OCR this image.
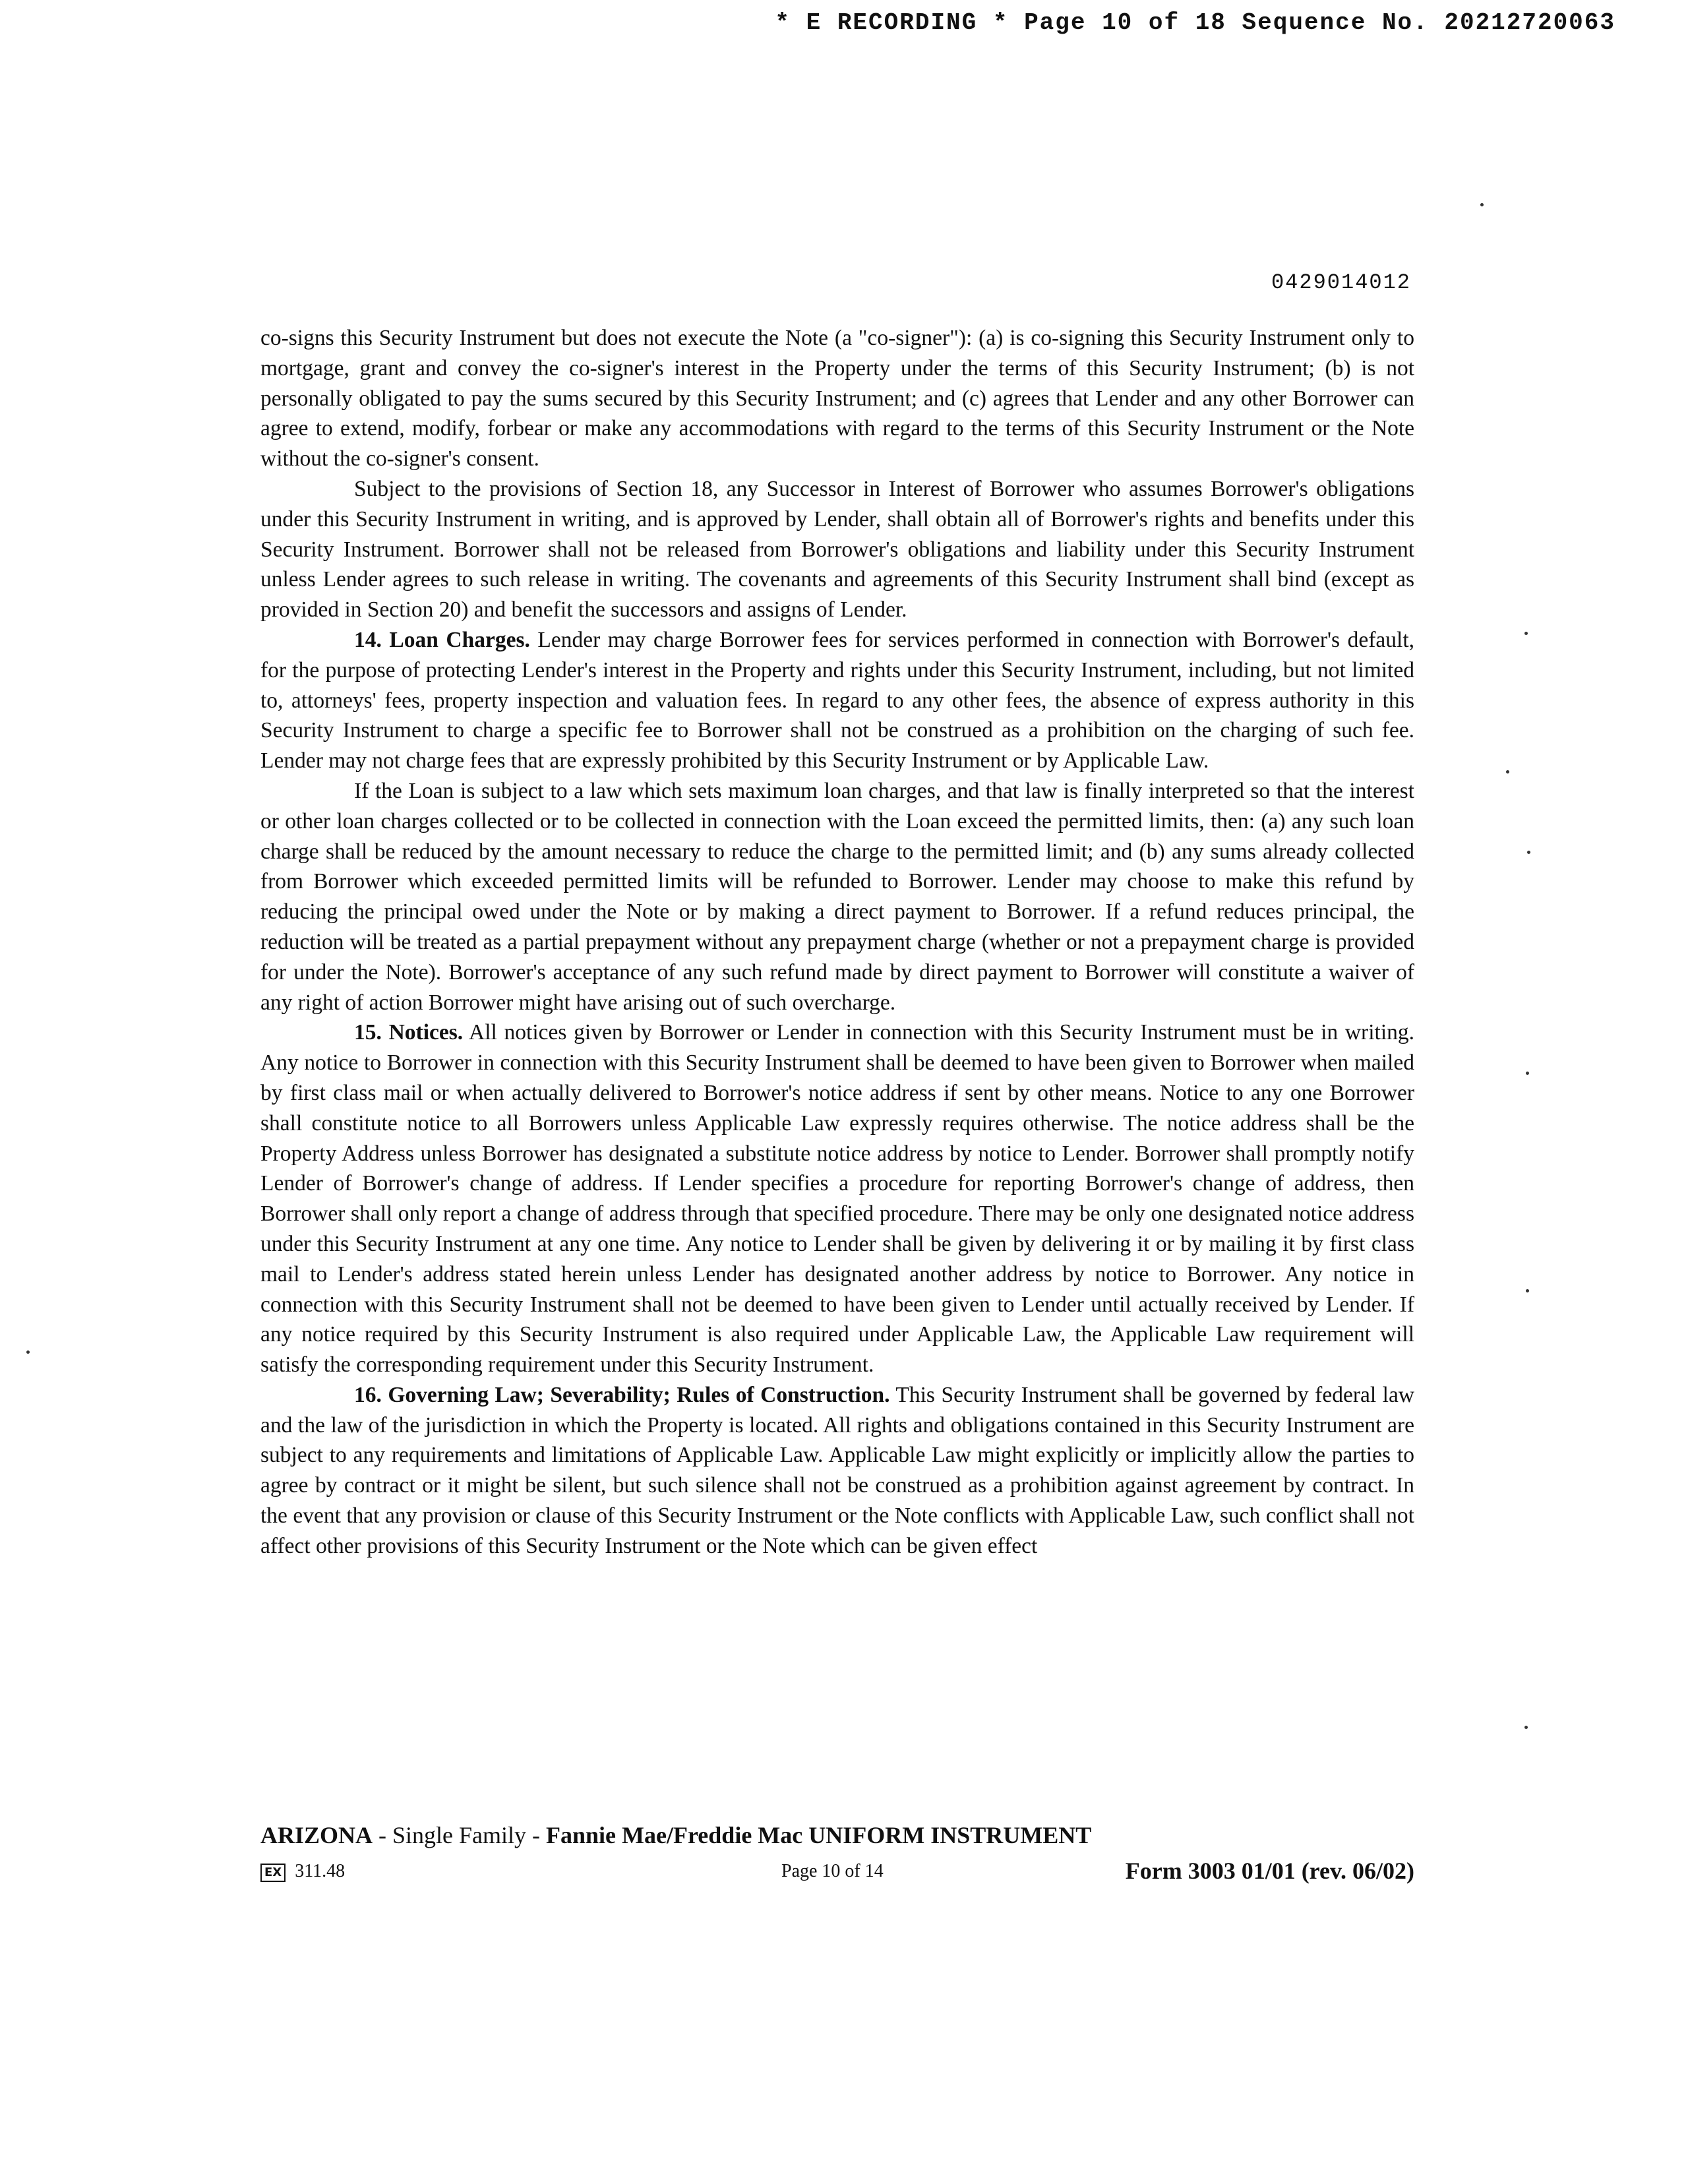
* E RECORDING * Page 10 of 18 Sequence No. 20212720063
0429014012

co-signs this Security Instrument but does not execute the Note (a "co-signer"): (a) is co-signing this Security Instrument only to mortgage, grant and convey the co-signer's interest in the Property under the terms of this Security Instrument; (b) is not personally obligated to pay the sums secured by this Security Instrument; and (c) agrees that Lender and any other Borrower can agree to extend, modify, forbear or make any accommodations with regard to the terms of this Security Instrument or the Note without the co-signer's consent.

Subject to the provisions of Section 18, any Successor in Interest of Borrower who assumes Borrower's obligations under this Security Instrument in writing, and is approved by Lender, shall obtain all of Borrower's rights and benefits under this Security Instrument. Borrower shall not be released from Borrower's obligations and liability under this Security Instrument unless Lender agrees to such release in writing. The covenants and agreements of this Security Instrument shall bind (except as provided in Section 20) and benefit the successors and assigns of Lender.

14. Loan Charges. Lender may charge Borrower fees for services performed in connection with Borrower's default, for the purpose of protecting Lender's interest in the Property and rights under this Security Instrument, including, but not limited to, attorneys' fees, property inspection and valuation fees. In regard to any other fees, the absence of express authority in this Security Instrument to charge a specific fee to Borrower shall not be construed as a prohibition on the charging of such fee. Lender may not charge fees that are expressly prohibited by this Security Instrument or by Applicable Law.

If the Loan is subject to a law which sets maximum loan charges, and that law is finally interpreted so that the interest or other loan charges collected or to be collected in connection with the Loan exceed the permitted limits, then: (a) any such loan charge shall be reduced by the amount necessary to reduce the charge to the permitted limit; and (b) any sums already collected from Borrower which exceeded permitted limits will be refunded to Borrower. Lender may choose to make this refund by reducing the principal owed under the Note or by making a direct payment to Borrower. If a refund reduces principal, the reduction will be treated as a partial prepayment without any prepayment charge (whether or not a prepayment charge is provided for under the Note). Borrower's acceptance of any such refund made by direct payment to Borrower will constitute a waiver of any right of action Borrower might have arising out of such overcharge.

15. Notices. All notices given by Borrower or Lender in connection with this Security Instrument must be in writing. Any notice to Borrower in connection with this Security Instrument shall be deemed to have been given to Borrower when mailed by first class mail or when actually delivered to Borrower's notice address if sent by other means. Notice to any one Borrower shall constitute notice to all Borrowers unless Applicable Law expressly requires otherwise. The notice address shall be the Property Address unless Borrower has designated a substitute notice address by notice to Lender. Borrower shall promptly notify Lender of Borrower's change of address. If Lender specifies a procedure for reporting Borrower's change of address, then Borrower shall only report a change of address through that specified procedure. There may be only one designated notice address under this Security Instrument at any one time. Any notice to Lender shall be given by delivering it or by mailing it by first class mail to Lender's address stated herein unless Lender has designated another address by notice to Borrower. Any notice in connection with this Security Instrument shall not be deemed to have been given to Lender until actually received by Lender. If any notice required by this Security Instrument is also required under Applicable Law, the Applicable Law requirement will satisfy the corresponding requirement under this Security Instrument.

16. Governing Law; Severability; Rules of Construction. This Security Instrument shall be governed by federal law and the law of the jurisdiction in which the Property is located. All rights and obligations contained in this Security Instrument are subject to any requirements and limitations of Applicable Law. Applicable Law might explicitly or implicitly allow the parties to agree by contract or it might be silent, but such silence shall not be construed as a prohibition against agreement by contract. In the event that any provision or clause of this Security Instrument or the Note conflicts with Applicable Law, such conflict shall not affect other provisions of this Security Instrument or the Note which can be given effect

ARIZONA - Single Family - Fannie Mae/Freddie Mac UNIFORM INSTRUMENT
EX 311.48	Page 10 of 14	Form 3003 01/01 (rev. 06/02)
